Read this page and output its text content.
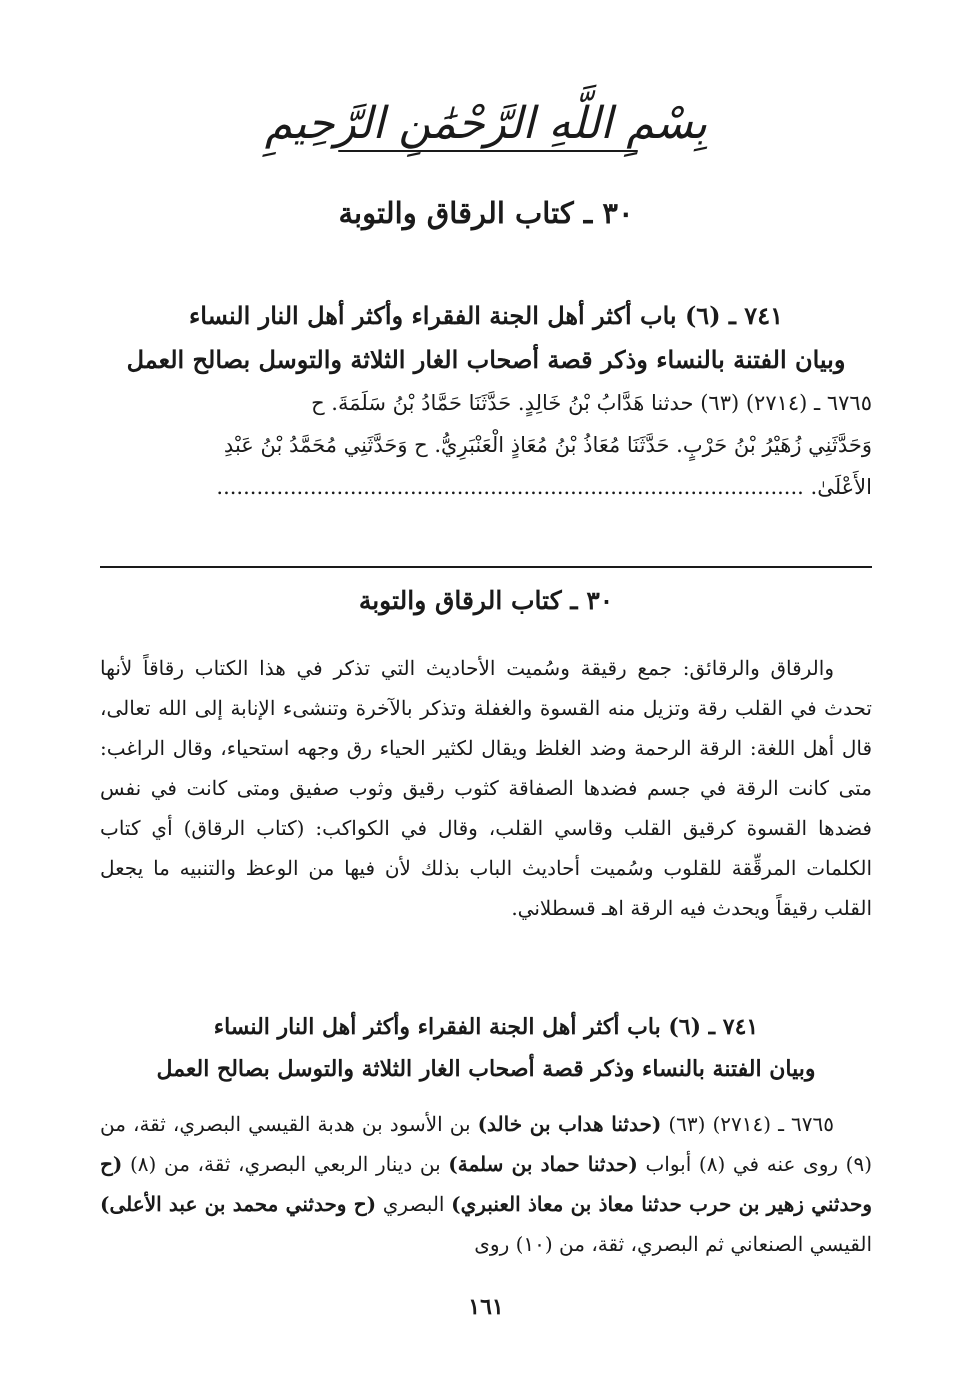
بِسْمِ اللَّهِ الرَّحْمَٰنِ الرَّحِيمِ
٣٠ ـ كتاب الرقاق والتوبة
٧٤١ ـ (٦) باب أكثر أهل الجنة الفقراء وأكثر أهل النار النساء
وبيان الفتنة بالنساء وذكر قصة أصحاب الغار الثلاثة والتوسل بصالح العمل

٦٧٦٥ ـ (٢٧١٤) (٦٣) حدثنا هَدَّابُ بْنُ خَالِدٍ. حَدَّثَنَا حَمَّادُ بْنُ سَلَمَةَ. ح

وَحَدَّثَنِي زُهَيْرُ بْنُ حَرْبٍ. حَدَّثَنَا مُعَاذُ بْنُ مُعَاذٍ الْعَنْبَرِيُّ. ح وَحَدَّثَنِي مُحَمَّدُ بْنُ عَبْدِ

الأَعْلَىٰ. ........................................................................................

٣٠ ـ كتاب الرقاق والتوبة

والرقاق والرقائق: جمع رقيقة وسُميت الأحاديث التي تذكر في هذا الكتاب رقاقاً لأنها تحدث في القلب رقة وتزيل منه القسوة والغفلة وتذكر بالآخرة وتنشىء الإنابة إلى الله تعالى، قال أهل اللغة: الرقة الرحمة وضد الغلظ ويقال لكثير الحياء رق وجهه استحياء، وقال الراغب: متى كانت الرقة في جسم فضدها الصفاقة كثوب رقيق وثوب صفيق ومتى كانت في نفس فضدها القسوة كرقيق القلب وقاسي القلب، وقال في الكواكب: (كتاب الرقاق) أي كتاب الكلمات المرقِّقة للقلوب وسُميت أحاديث الباب بذلك لأن فيها من الوعظ والتنبيه ما يجعل القلب رقيقاً ويحدث فيه الرقة اهـ قسطلاني.

٧٤١ ـ (٦) باب أكثر أهل الجنة الفقراء وأكثر أهل النار النساء
وبيان الفتنة بالنساء وذكر قصة أصحاب الغار الثلاثة والتوسل بصالح العمل

٦٧٦٥ ـ (٢٧١٤) (٦٣) (حدثنا هداب بن خالد) بن الأسود بن هدبة القيسي البصري، ثقة، من (٩) روى عنه في (٨) أبواب (حدثنا حماد بن سلمة) بن دينار الربعي البصري، ثقة، من (٨) (ح وحدثني زهير بن حرب حدثنا معاذ بن معاذ العنبري) البصري (ح وحدثني محمد بن عبد الأعلى) القيسي الصنعاني ثم البصري، ثقة، من (١٠) روى

١٦١
